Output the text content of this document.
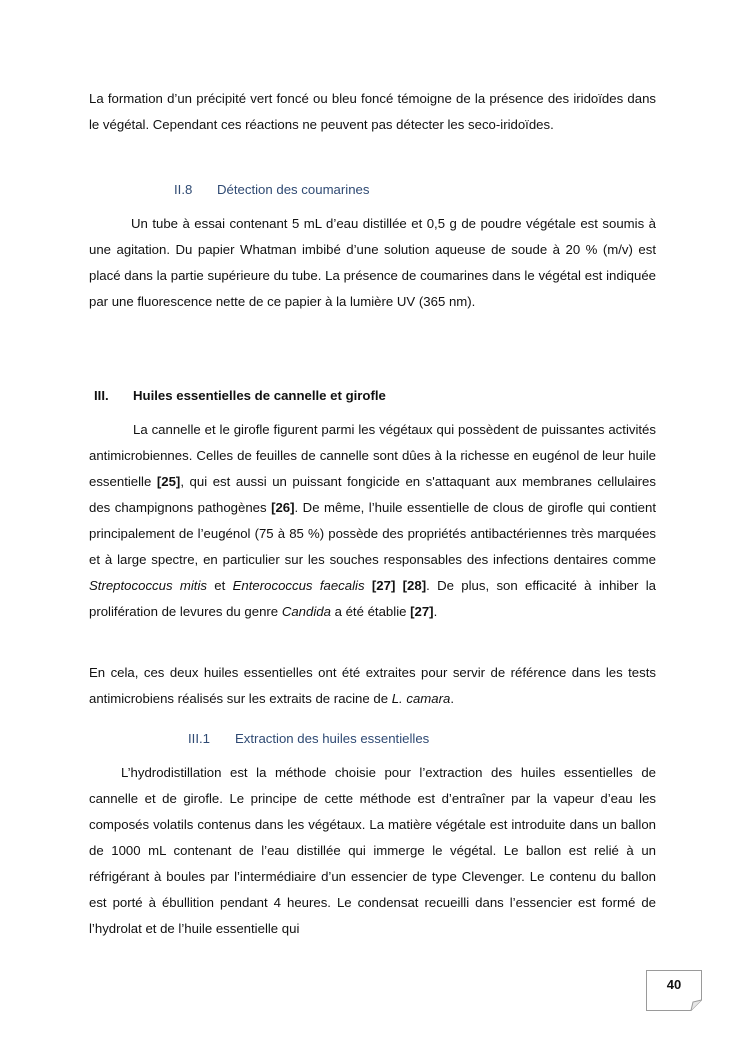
La formation d’un précipité vert foncé ou bleu foncé témoigne de la présence des iridoïdes dans le végétal. Cependant ces réactions ne peuvent pas détecter les seco-iridoïdes.

II.8 Détection des coumarines

Un tube à essai contenant 5 mL d’eau distillée et 0,5 g de poudre végétale est soumis à une agitation. Du papier Whatman imbibé d’une solution aqueuse de soude à 20 % (m/v) est placé dans la partie supérieure du tube. La présence de coumarines dans le végétal est indiquée par une fluorescence nette de ce papier à la lumière UV (365 nm).

III. Huiles essentielles de cannelle et girofle

La cannelle et le girofle figurent parmi les végétaux qui possèdent de puissantes activités antimicrobiennes. Celles de feuilles de cannelle sont dûes à la richesse en eugénol de leur huile essentielle [25], qui est aussi un puissant fongicide en s'attaquant aux membranes cellulaires des champignons pathogènes [26]. De même, l’huile essentielle de clous de girofle qui contient principalement de l’eugénol (75 à 85 %) possède des propriétés antibactériennes très marquées et à large spectre, en particulier sur les souches responsables des infections dentaires comme Streptococcus mitis et Enterococcus faecalis [27] [28]. De plus, son efficacité à inhiber la prolifération de levures du genre Candida a été établie [27].

En cela, ces deux huiles essentielles ont été extraites pour servir de référence dans les tests antimicrobiens réalisés sur les extraits de racine de L. camara.

III.1 Extraction des huiles essentielles

L’hydrodistillation est la méthode choisie pour l’extraction des huiles essentielles de cannelle et de girofle. Le principe de cette méthode est d’entraîner par la vapeur d’eau les composés volatils contenus dans les végétaux. La matière végétale est introduite dans un ballon de 1000 mL contenant de l’eau distillée qui immerge le végétal. Le ballon est relié à un réfrigérant à boules par l’intermédiaire d’un essencier de type Clevenger. Le contenu du ballon est porté à ébullition pendant 4 heures. Le condensat recueilli dans l’essencier est formé de l’hydrolat et de l’huile essentielle qui

40
